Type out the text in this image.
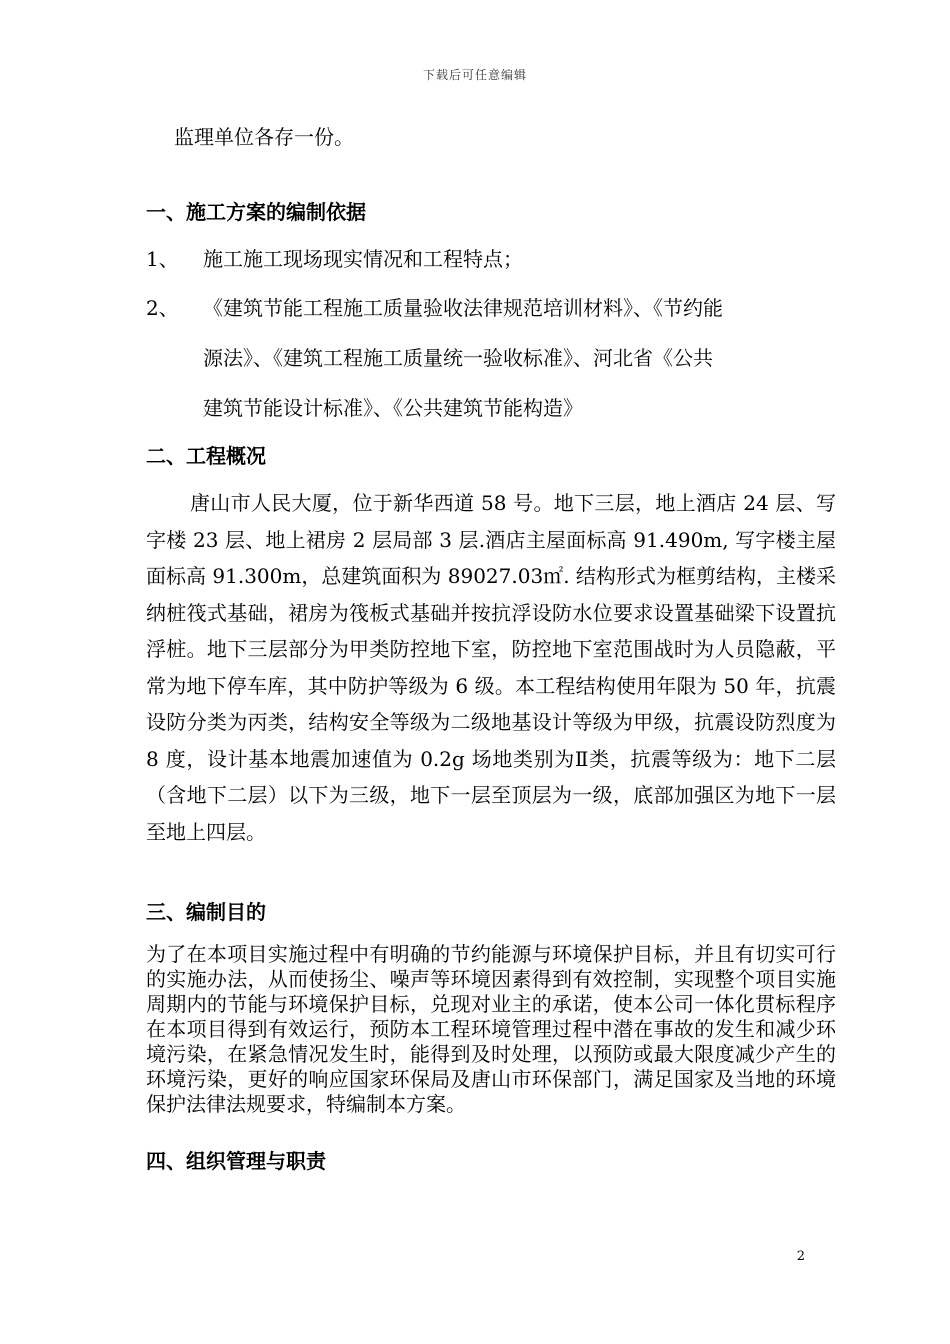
下载后可任意编辑
监理单位各存一份。
一、施工方案的编制依据
1、 施工施工现场现实情况和工程特点；
2、 《建筑节能工程施工质量验收法律规范培训材料》、《节约能
源法》、《建筑工程施工质量统一验收标准》、河北省《公共
建筑节能设计标准》、《公共建筑节能构造》
二、工程概况
唐山市人民大厦，位于新华西道 58 号。地下三层，地上酒店 24 层、写字楼 23 层、地上裙房 2 层局部 3 层.酒店主屋面标高 91.490m, 写字楼主屋面标高 91.300m，总建筑面积为 89027.03㎡. 结构形式为框剪结构，主楼采纳桩筏式基础，裙房为筏板式基础并按抗浮设防水位要求设置基础梁下设置抗浮桩。地下三层部分为甲类防控地下室，防控地下室范围战时为人员隐蔽，平常为地下停车库，其中防护等级为 6 级。本工程结构使用年限为 50 年，抗震设防分类为丙类，结构安全等级为二级地基设计等级为甲级，抗震设防烈度为 8 度，设计基本地震加速值为 0.2g 场地类别为Ⅱ类，抗震等级为：地下二层（含地下二层）以下为三级，地下一层至顶层为一级，底部加强区为地下一层至地上四层。
三、编制目的
为了在本项目实施过程中有明确的节约能源与环境保护目标，并且有切实可行的实施办法，从而使扬尘、噪声等环境因素得到有效控制，实现整个项目实施周期内的节能与环境保护目标，兑现对业主的承诺，使本公司一体化贯标程序在本项目得到有效运行，预防本工程环境管理过程中潜在事故的发生和减少环境污染，在紧急情况发生时，能得到及时处理，以预防或最大限度减少产生的环境污染，更好的响应国家环保局及唐山市环保部门，满足国家及当地的环境保护法律法规要求，特编制本方案。
四、组织管理与职责
2
